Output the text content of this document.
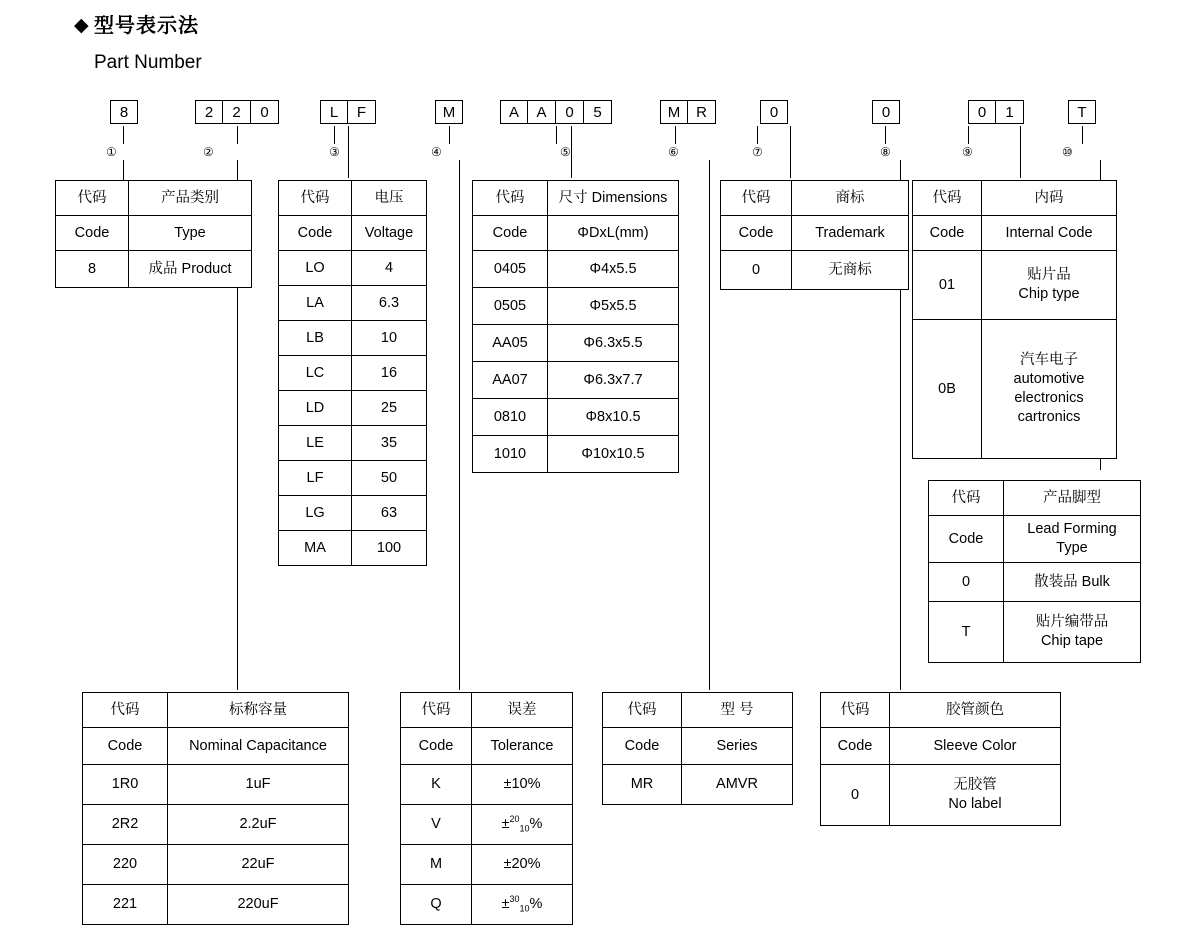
◆ 型号表示法
Part Number
8	2	2	0	L	F	M	A	A	0	5	M	R	0	0	0	1	T
①	②	③	④	⑤	⑥	⑦	⑧	⑨	⑩
代码	产品类别
Code	Type
8	成品 Product
代码	电压
Code	Voltage
LO	4
LA	6.3
LB	10
LC	16
LD	25
LE	35
LF	50
LG	63
MA	100
代码	尺寸 Dimensions
Code	ΦDxL(mm)
0405	Φ4x5.5
0505	Φ5x5.5
AA05	Φ6.3x5.5
AA07	Φ6.3x7.7
0810	Φ8x10.5
1010	Φ10x10.5
代码	商标
Code	Trademark
0	无商标
代码	内码
Code	Internal Code
01	贴片品
Chip type

0B	汽车电子
automotive electronics cartronics
代码	产品脚型
Code	Lead Forming Type
0	散装品 Bulk
T	贴片编带品
Chip tape
代码	标称容量
Code	Nominal Capacitance
1R0	1uF
2R2	2.2uF
220	22uF
221	220uF
代码	误差
Code	Tolerance
K	±10%
V	±$^{20}_{10}$%
M	±20%
Q	±$^{30}_{10}$%
代码	型 号
Code	Series
MR	AMVR
代码	胶管颜色
Code	Sleeve Color
0	无胶管
No label
